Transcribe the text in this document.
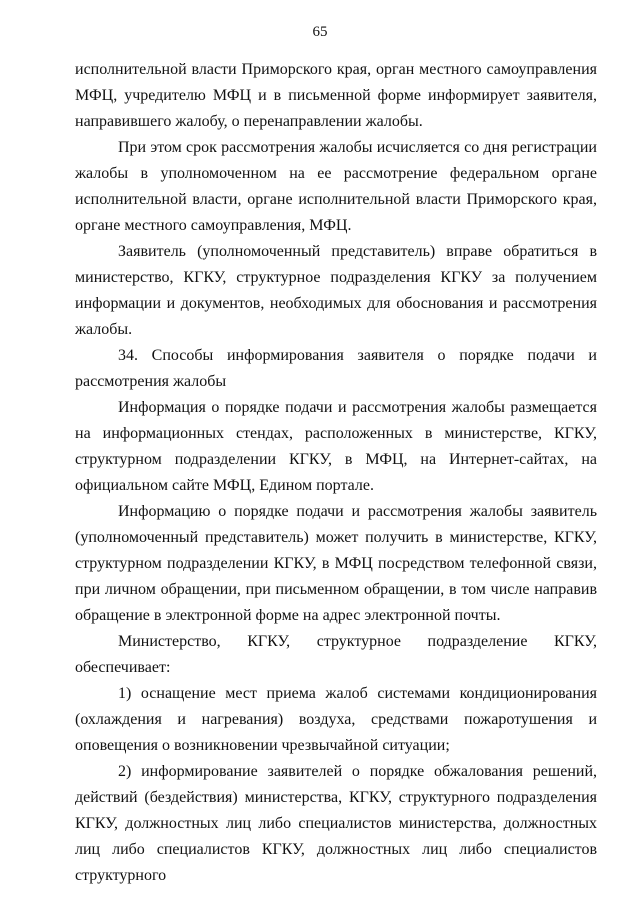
65

исполнительной власти Приморского края, орган местного самоуправления МФЦ, учредителю МФЦ и в письменной форме информирует заявителя, направившего жалобу, о перенаправлении жалобы.

При этом срок рассмотрения жалобы исчисляется со дня регистрации жалобы в уполномоченном на ее рассмотрение федеральном органе исполнительной власти, органе исполнительной власти Приморского края, органе местного самоуправления, МФЦ.

Заявитель (уполномоченный представитель) вправе обратиться в министерство, КГКУ, структурное подразделения КГКУ за получением информации и документов, необходимых для обоснования и рассмотрения жалобы.

34. Способы информирования заявителя о порядке подачи и

рассмотрения жалобы

Информация о порядке подачи и рассмотрения жалобы размещается на информационных стендах, расположенных в министерстве, КГКУ, структурном подразделении КГКУ, в МФЦ, на Интернет-сайтах, на официальном сайте МФЦ, Едином портале.

Информацию о порядке подачи и рассмотрения жалобы заявитель (уполномоченный представитель) может получить в министерстве, КГКУ, структурном подразделении КГКУ, в МФЦ посредством телефонной связи, при личном обращении, при письменном обращении, в том числе направив обращение в электронной форме на адрес электронной почты.

Министерство, КГКУ, структурное подразделение КГКУ, обеспечивает:

1) оснащение мест приема жалоб системами кондиционирования (охлаждения и нагревания) воздуха, средствами пожаротушения и оповещения о возникновении чрезвычайной ситуации;

2) информирование заявителей о порядке обжалования решений, действий (бездействия) министерства, КГКУ, структурного подразделения КГКУ, должностных лиц либо специалистов министерства, должностных лиц либо специалистов КГКУ, должностных лиц либо специалистов структурного
